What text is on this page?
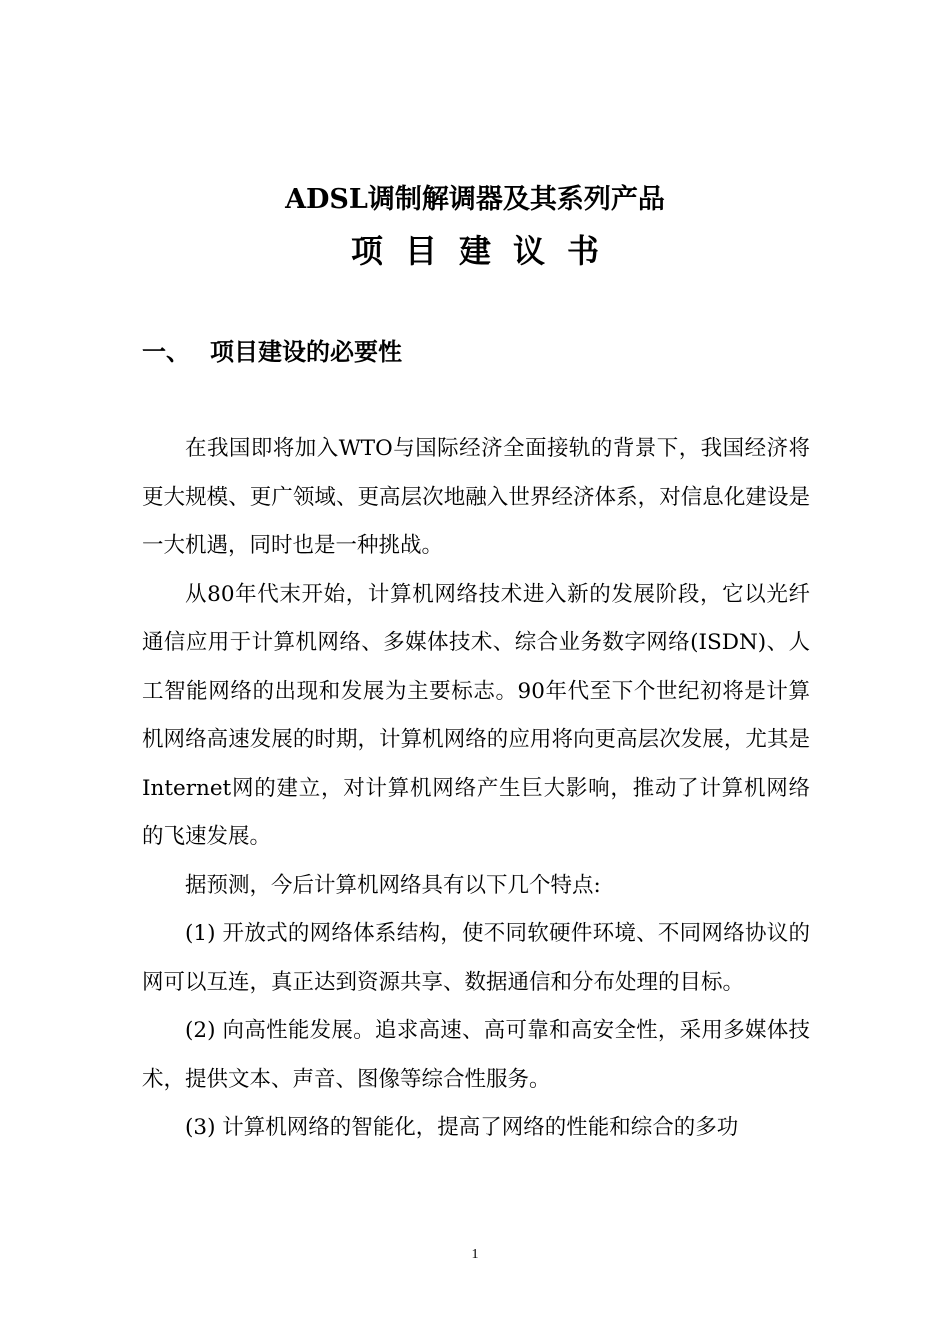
ADSL调制解调器及其系列产品
项目建议书
一、 项目建设的必要性

在我国即将加入WTO与国际经济全面接轨的背景下，我国经济将更大规模、更广领域、更高层次地融入世界经济体系，对信息化建设是一大机遇，同时也是一种挑战。

从80年代末开始，计算机网络技术进入新的发展阶段，它以光纤通信应用于计算机网络、多媒体技术、综合业务数字网络(ISDN)、人工智能网络的出现和发展为主要标志。90年代至下个世纪初将是计算机网络高速发展的时期，计算机网络的应用将向更高层次发展，尤其是Internet网的建立，对计算机网络产生巨大影响，推动了计算机网络的飞速发展。

据预测，今后计算机网络具有以下几个特点:

(1) 开放式的网络体系结构，使不同软硬件环境、不同网络协议的网可以互连，真正达到资源共享、数据通信和分布处理的目标。

(2) 向高性能发展。追求高速、高可靠和高安全性，采用多媒体技术，提供文本、声音、图像等综合性服务。

(3) 计算机网络的智能化，提高了网络的性能和综合的多功

1
